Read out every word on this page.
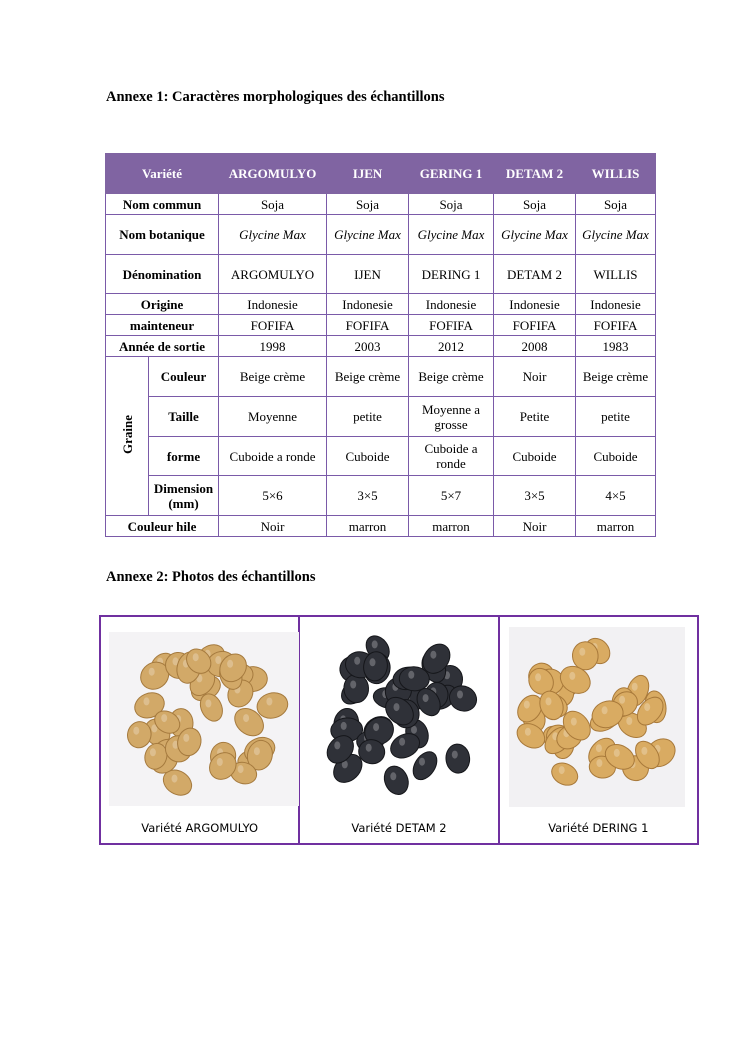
Annexe 1: Caractères morphologiques des échantillons
Variété		ARGOMULYO	IJEN	GERING 1	DETAM 2	WILLIS
Nom commun		Soja	Soja	Soja	Soja	Soja
Nom botanique		Glycine Max	Glycine Max	Glycine Max	Glycine Max	Glycine Max
Dénomination		ARGOMULYO	IJEN	DERING 1	DETAM 2	WILLIS
Origine		Indonesie	Indonesie	Indonesie	Indonesie	Indonesie
mainteneur		FOFIFA	FOFIFA	FOFIFA	FOFIFA	FOFIFA
Année de sortie		1998	2003	2012	2008	1983
Graine	Couleur	Beige crème	Beige crème	Beige crème	Noir	Beige crème
	Taille	Moyenne	petite	Moyenne a grosse	Petite	petite
	forme	Cuboide a ronde	Cuboide	Cuboide a ronde	Cuboide	Cuboide
	Dimension (mm)	5×6	3×5	5×7	3×5	4×5
Couleur hile		Noir	marron	marron	Noir	marron
Annexe 2: Photos des échantillons
Variété ARGOMULYO	Variété DETAM 2	Variété DERING 1
